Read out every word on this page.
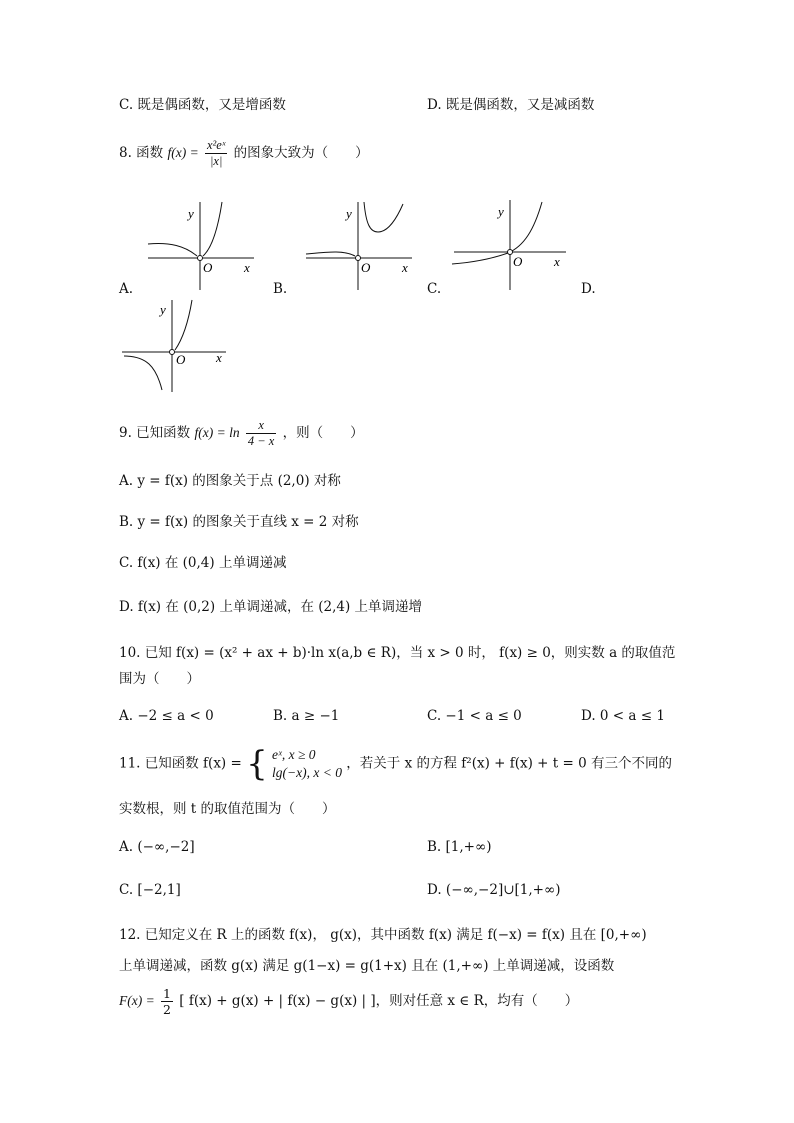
C. 既是偶函数，又是增函数	D. 既是偶函数，又是减函数
8. 函数 $f(x) = \frac{\text{x²eˣ}}{|x|}$ 的图象大致为（　　）
y
x
O
A.
y
x
O
B.
y
x
O
C.	D.
y
x
O
9. 已知函数 $f(x) = \ln \frac{x}{4 - x}$ ，则（　　）
A. y = f(x) 的图象关于点 (2,0) 对称
B. y = f(x) 的图象关于直线 x = 2 对称
C. f(x) 在 (0,4) 上单调递减
D. f(x) 在 (0,2) 上单调递减，在 (2,4) 上单调递增
10. 已知 f(x) = (x² + ax + b)·ln x(a,b ∈ R)，当 x > 0 时， f(x) ≥ 0，则实数 a 的取值范
围为（　　）
A. −2 ≤ a < 0	B. a ≥ −1	C. −1 < a ≤ 0	D. 0 < a ≤ 1
11. 已知函数 f(x) = { eˣ, x ≥ 0
lg(−x), x < 0
，若关于 x 的方程 f²(x) + f(x) + t = 0 有三个不同的
实数根，则 t 的取值范围为（　　）
A. (−∞,−2]	B. [1,+∞)
C. [−2,1]	D. (−∞,−2]∪[1,+∞)
12. 已知定义在 R 上的函数 f(x)， g(x)，其中函数 f(x) 满足 f(−x) = f(x) 且在 [0,+∞)
上单调递减，函数 g(x) 满足 g(1−x) = g(1+x) 且在 (1,+∞) 上单调递减，设函数
$F(x) = \frac{1}{2}$ [ f(x) + g(x) + | f(x) − g(x) | ]，则对任意 x ∈ R，均有（　　）
